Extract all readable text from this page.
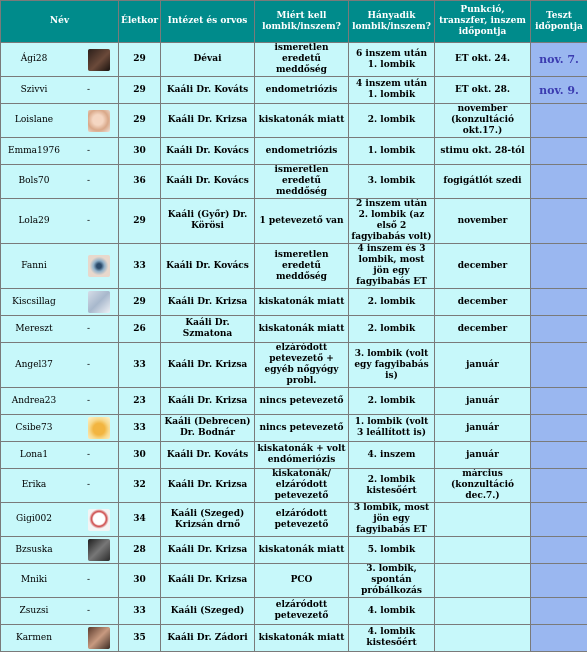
Név	Életkor	Intézet és orvos	Miért kell lombik/inszem?	Hányadik lombik/inszem?	Punkció, transzfer, inszem időpontja	Teszt időpontja

Ági28	29	Dévai	ismeretlen eredetű meddőség	6 inszem után 1. lombik	ET okt. 24.	nov. 7.

Szivvi -	29	Kaáli Dr. Kováts	endometriózis	4 inszem után 1. lombik	ET okt. 28.	nov. 9.

Loislane	29	Kaáli Dr. Krizsa	kiskatonák miatt	2. lombik	november (konzultáció okt.17.)	

Emma1976 -	30	Kaáli Dr. Kovács	endometriózis	1. lombik	stimu okt. 28-tól	

Bols70 -	36	Kaáli Dr. Kovács	ismeretlen eredetű meddőség	3. lombik	fogigátlót szedi	

Lola29 -	29	Kaáli (Győr) Dr. Körösi	1 petevezető van	2 inszem után 2. lombik (az első 2 fagyibabás volt)	november	

Fanni	33	Kaáli Dr. Kovács	ismeretlen eredetű meddőség	4 inszem és 3 lombik, most jön egy fagyibabás ET	december	

Kiscsillag	29	Kaáli Dr. Krizsa	kiskatonák miatt	2. lombik	december	

Mereszt -	26	Kaáli Dr. Szmatona	kiskatonák miatt	2. lombik	december	

Angel37 -	33	Kaáli Dr. Krizsa	elzáródott petevezető + egyéb nőgyógy probl.	3. lombik (volt egy fagyibabás is)	január	

Andrea23 -	23	Kaáli Dr. Krizsa	nincs petevezető	2. lombik	január	

Csibe73	33	Kaáli (Debrecen) Dr. Bodnár	nincs petevezető	1. lombik (volt 3 leállított is)	január	

Lona1 -	30	Kaáli Dr. Kováts	kiskatonák + volt endómeriózis	4. inszem	január	

Erika -	32	Kaáli Dr. Krizsa	kiskatonák/ elzáródott petevezető	2. lombik kistesőért	március (konzultáció dec.7.)	

Gigi002	34	Kaáli (Szeged) Krizsán drnő	elzáródott petevezető	3 lombik, most jön egy fagyibabás ET		

Bzsuska	28	Kaáli Dr. Krizsa	kiskatonák miatt	5. lombik		

Mniki -	30	Kaáli Dr. Krizsa	PCO	3. lombik, spontán próbálkozás		

Zsuzsi -	33	Kaáli (Szeged)	elzáródott petevezető	4. lombik		

Karmen	35	Kaáli Dr. Zádori	kiskatonák miatt	4. lombik kistesőért		
